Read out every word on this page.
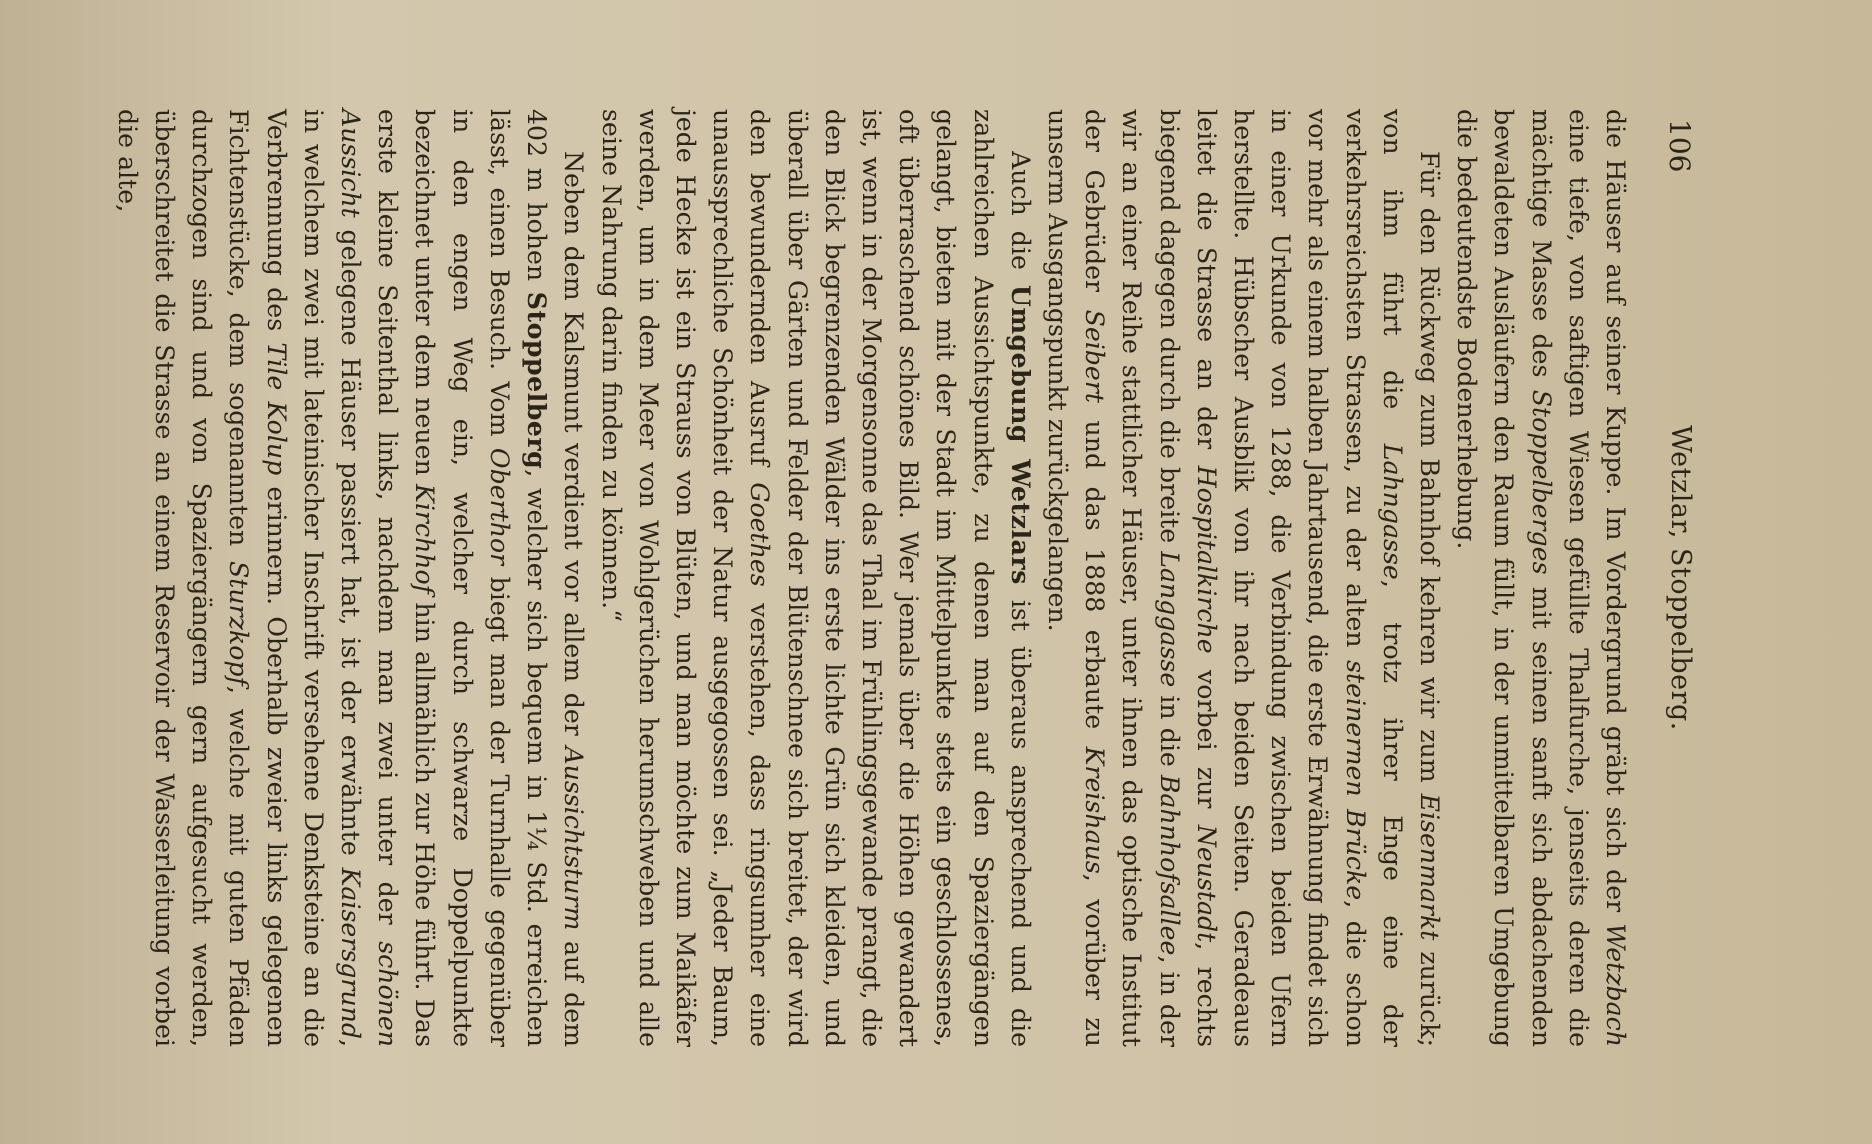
106
Wetzlar, Stoppelberg.

die Häuser auf seiner Kuppe. Im Vordergrund gräbt sich der Wetzbach eine tiefe, von saftigen Wiesen gefüllte Thalfurche, jenseits deren die mächtige Masse des Stoppelberges mit seinen sanft sich abdachenden bewaldeten Ausläufern den Raum füllt, in der unmittelbaren Umgebung die bedeutendste Bodenerhebung.

Für den Rückweg zum Bahnhof kehren wir zum Eisenmarkt zurück; von ihm führt die Lahngasse, trotz ihrer Enge eine der verkehrsreichsten Strassen, zu der alten steinernen Brücke, die schon vor mehr als einem halben Jahrtausend, die erste Erwähnung findet sich in einer Urkunde von 1288, die Verbindung zwischen beiden Ufern herstellte. Hübscher Ausblik von ihr nach beiden Seiten. Geradeaus leitet die Strasse an der Hospitalkirche vorbei zur Neustadt, rechts biegend dagegen durch die breite Langgasse in die Bahnhofsallee, in der wir an einer Reihe stattlicher Häuser, unter ihnen das optische Institut der Gebrüder Seibert und das 1888 erbaute Kreishaus, vorüber zu unserm Ausgangspunkt zurückgelangen.

Auch die Umgebung Wetzlars ist überaus ansprechend und die zahlreichen Aussichtspunkte, zu denen man auf den Spaziergängen gelangt, bieten mit der Stadt im Mittelpunkte stets ein geschlossenes, oft überraschend schönes Bild. Wer jemals über die Höhen gewandert ist, wenn in der Morgensonne das Thal im Frühlingsgewande prangt, die den Blick begrenzenden Wälder ins erste lichte Grün sich kleiden, und überall über Gärten und Felder der Blütenschnee sich breitet, der wird den bewundernden Ausruf Goethes verstehen, dass ringsumher eine unaussprechliche Schönheit der Natur ausgegossen sei. „Jeder Baum, jede Hecke ist ein Strauss von Blüten, und man möchte zum Maikäfer werden, um in dem Meer von Wohlgerüchen herumschweben und alle seine Nahrung darin finden zu können.“

Neben dem Kalsmunt verdient vor allem der Aussichtsturm auf dem 402 m hohen Stoppelberg, welcher sich bequem in 1¼ Std. erreichen lässt, einen Besuch. Vom Oberthor biegt man der Turnhalle gegenüber in den engen Weg ein, welcher durch schwarze Doppelpunkte bezeichnet unter dem neuen Kirchhof hin allmählich zur Höhe führt. Das erste kleine Seitenthal links, nachdem man zwei unter der schönen Aussicht gelegene Häuser passiert hat, ist der erwähnte Kaisersgrund, in welchem zwei mit lateinischer Inschrift versehene Denksteine an die Verbrennung des Tile Kolup erinnern. Oberhalb zweier links gelegenen Fichtenstücke, dem sogenannten Sturzkopf, welche mit guten Pfäden durchzogen sind und von Spaziergängern gern aufgesucht werden, überschreitet die Strasse an einem Reservoir der Wasserleitung vorbei die alte,
